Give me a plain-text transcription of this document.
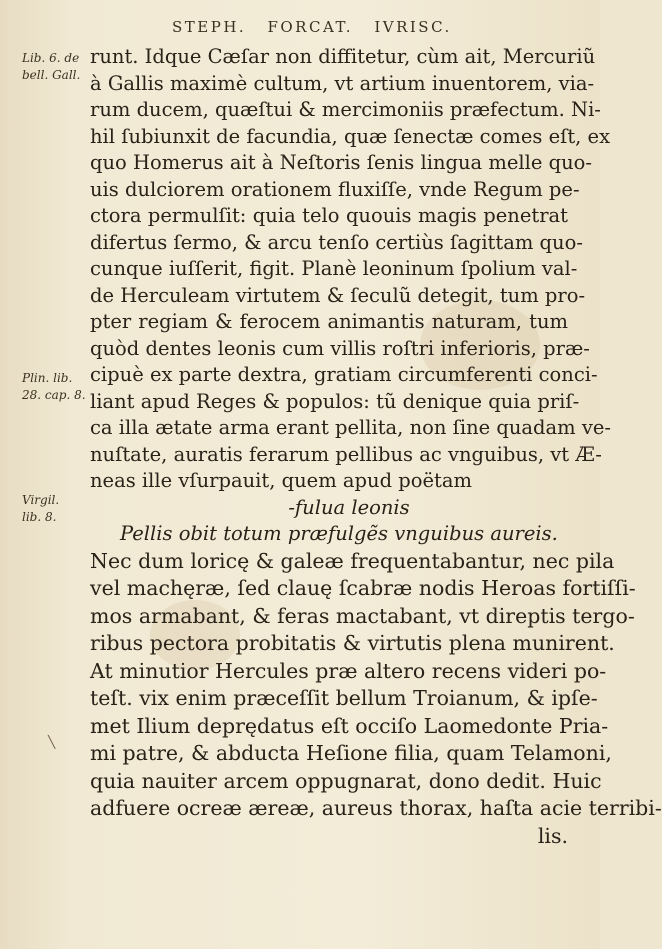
STEPH. FORCAT. IVRISC.
Lib. 6. de
bell. Gall.
Plin. lib.
28. cap. 8.
Virgil.
lib. 8.
╲
runt. Idque Cæſar non diffitetur, cùm ait, Mercuriũ
à Gallis maximè cultum, vt artium inuentorem, via-
rum ducem, quæſtui & mercimoniis præfectum. Ni-
hil ſubiunxit de facundia, quæ ſenectæ comes eſt, ex
quo Homerus ait à Neſtoris ſenis lingua melle quo-
uis dulciorem orationem fluxiſſe, vnde Regum pe-
ctora permulſit: quia telo quouis magis penetrat
difertus ſermo, & arcu tenſo certiùs ſagittam quo-
cunque iuſſerit, figit. Planè leoninum ſpolium val-
de Herculeam virtutem & ſeculũ detegit, tum pro-
pter regiam & ferocem animantis naturam, tum
quòd dentes leonis cum villis roſtri inferioris, præ-
cipuè ex parte dextra, gratiam circumferenti conci-
liant apud Reges & populos: tũ denique quia priſ-
ca illa ætate arma erant pellita, non ſine quadam ve-
nuſtate, auratis ferarum pellibus ac vnguibus, vt Æ-
neas ille vſurpauit, quem apud poëtam
-fulua leonis
Pellis obit totum præfulgẽs vnguibus aureis.
Nec dum loricę & galeæ frequentabantur, nec pila
vel machęræ, ſed clauę ſcabræ nodis Heroas fortiſſi-
mos armabant, & feras mactabant, vt direptis tergo-
ribus pectora probitatis & virtutis plena munirent.
At minutior Hercules præ altero recens videri po-
teſt. vix enim præceſſit bellum Troianum, & ipſe-
met Ilium deprędatus eſt occiſo Laomedonte Pria-
mi patre, & abducta Heſione filia, quam Telamoni,
quia nauiter arcem oppugnarat, dono dedit. Huic
adfuere ocreæ æreæ, aureus thorax, haſta acie terribi-
lis.
